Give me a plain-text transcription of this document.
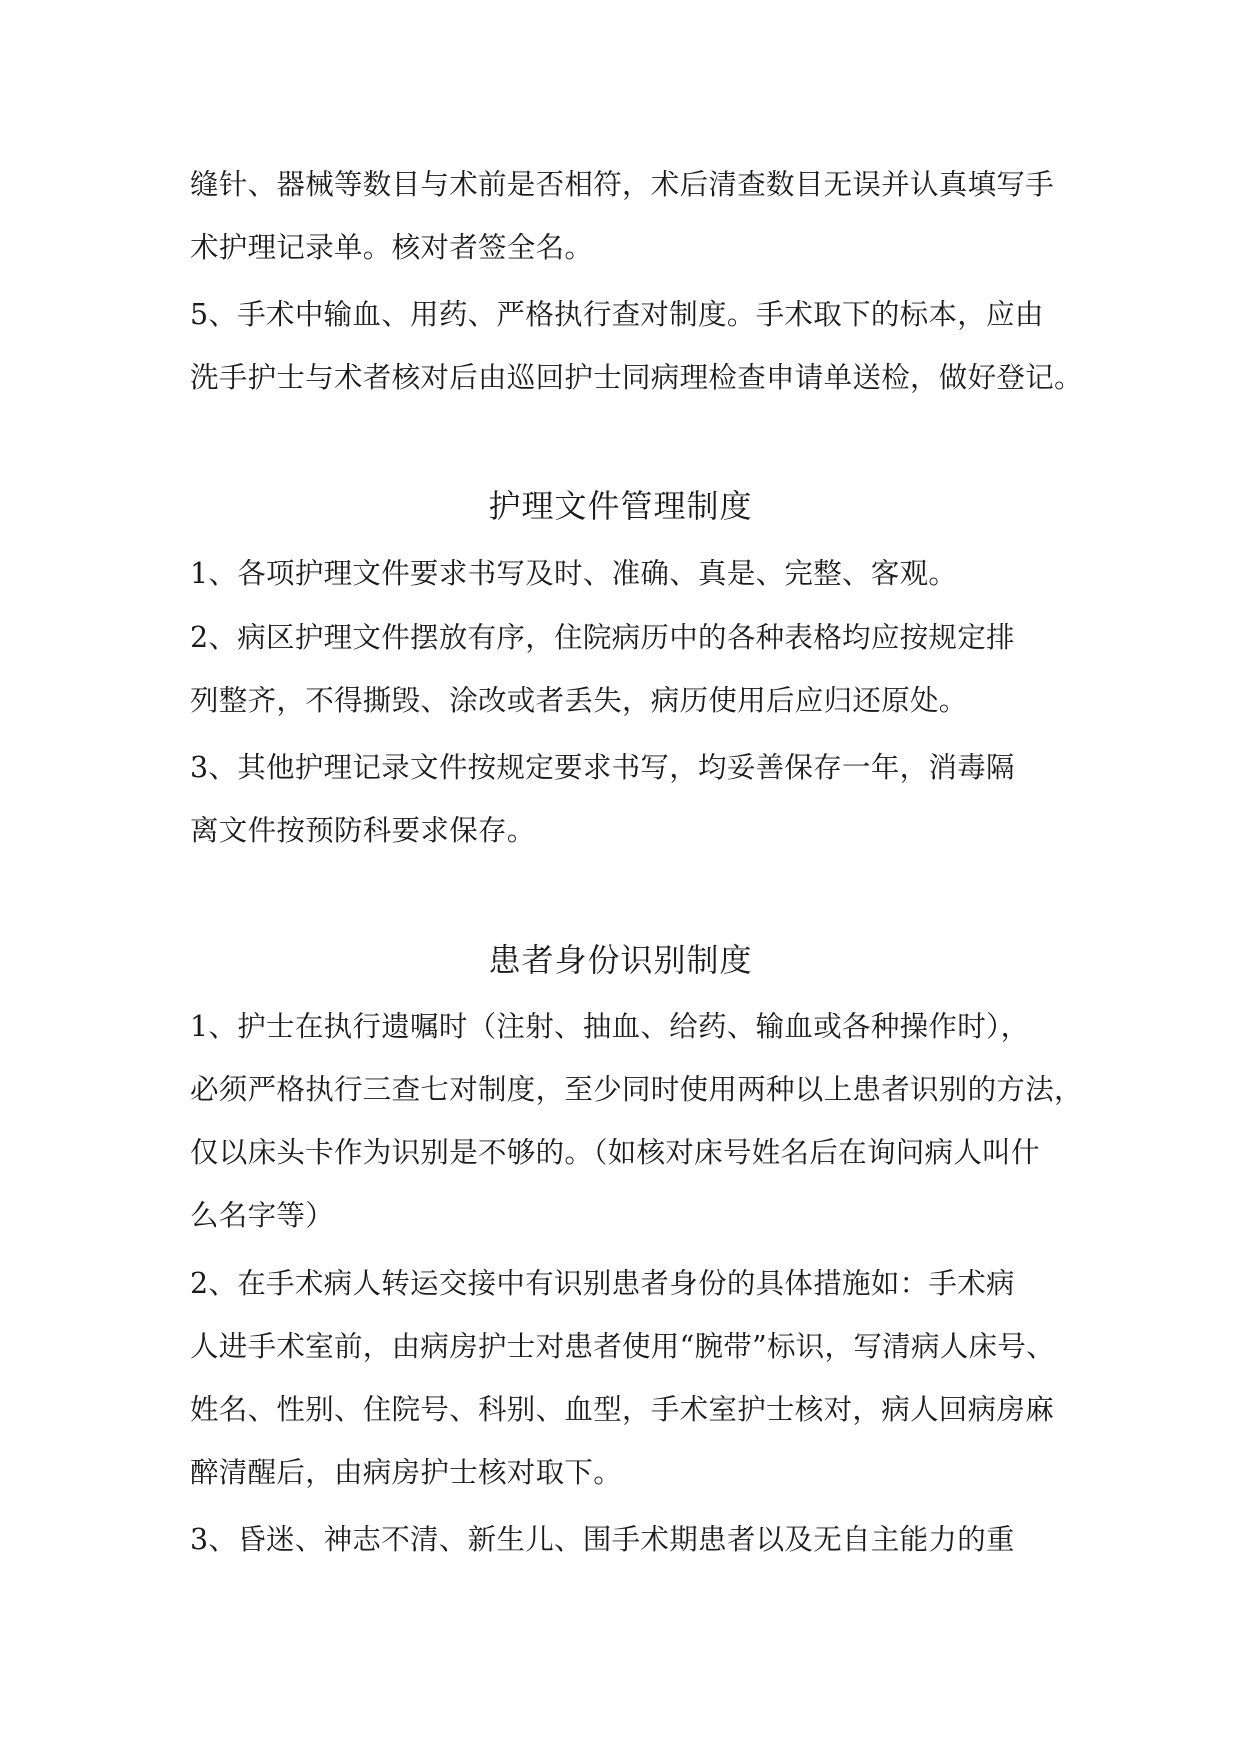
缝针、器械等数目与术前是否相符，术后清查数目无误并认真填写手
术护理记录单。核对者签全名。
5、手术中输血、用药、严格执行查对制度。手术取下的标本，应由
洗手护士与术者核对后由巡回护士同病理检查申请单送检，做好登记。
护理文件管理制度
1、各项护理文件要求书写及时、准确、真是、完整、客观。
2、病区护理文件摆放有序，住院病历中的各种表格均应按规定排
列整齐，不得撕毁、涂改或者丢失，病历使用后应归还原处。
3、其他护理记录文件按规定要求书写，均妥善保存一年，消毒隔
离文件按预防科要求保存。
患者身份识别制度
1、护士在执行遗嘱时（注射、抽血、给药、输血或各种操作时），
必须严格执行三查七对制度，至少同时使用两种以上患者识别的方法，
仅以床头卡作为识别是不够的。（如核对床号姓名后在询问病人叫什
么名字等）
2、在手术病人转运交接中有识别患者身份的具体措施如：手术病
人进手术室前，由病房护士对患者使用“腕带”标识，写清病人床号、
姓名、性别、住院号、科别、血型，手术室护士核对，病人回病房麻
醉清醒后，由病房护士核对取下。
3、昏迷、神志不清、新生儿、围手术期患者以及无自主能力的重
